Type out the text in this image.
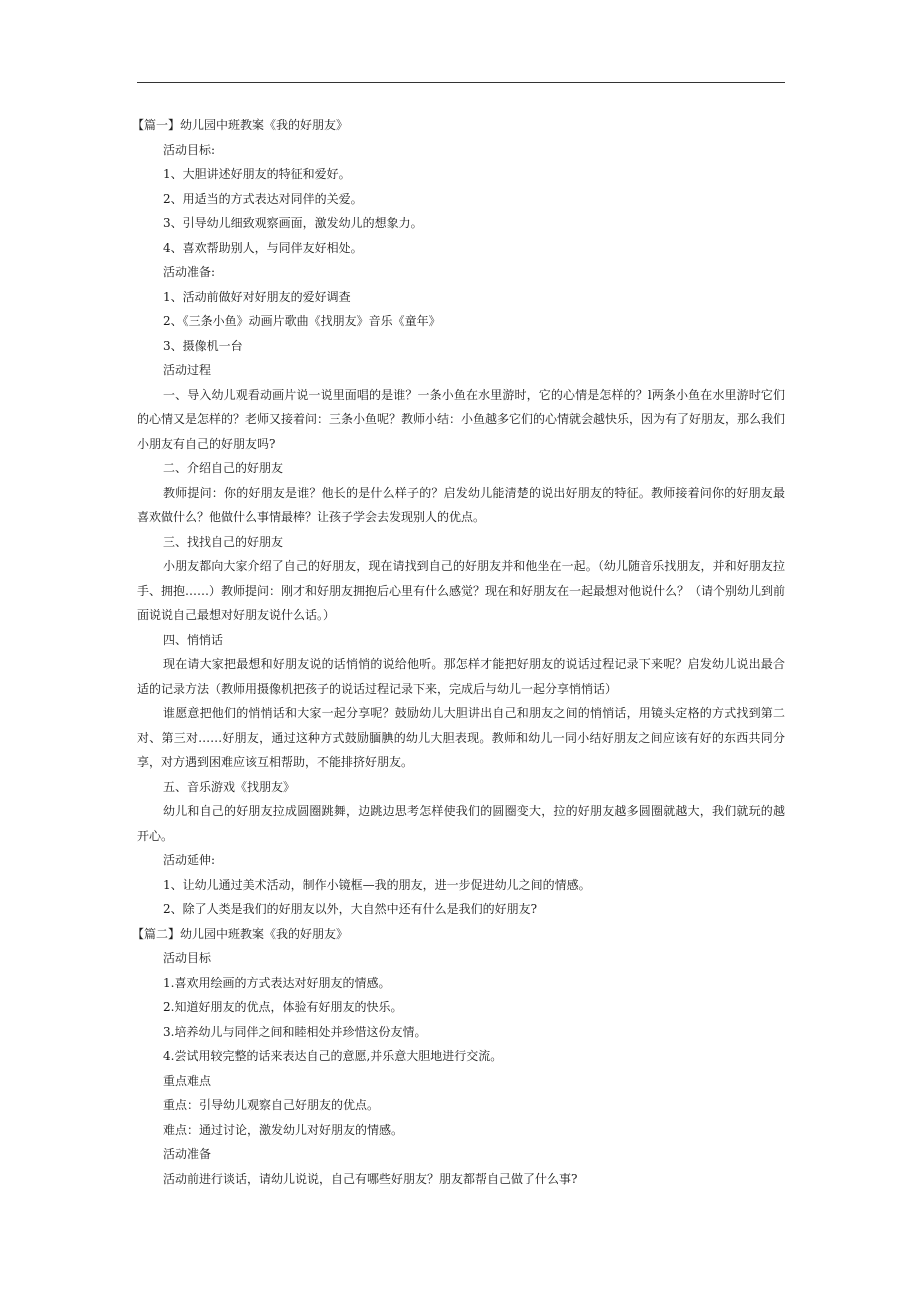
【篇一】幼儿园中班教案《我的好朋友》
活动目标:
1、大胆讲述好朋友的特征和爱好。
2、用适当的方式表达对同伴的关爱。
3、引导幼儿细致观察画面，激发幼儿的想象力。
4、喜欢帮助别人，与同伴友好相处。
活动准备:
1、活动前做好对好朋友的爱好调查
2、《三条小鱼》动画片歌曲《找朋友》音乐《童年》
3、摄像机一台
活动过程
一、导入幼儿观看动画片说一说里面唱的是谁？一条小鱼在水里游时，它的心情是怎样的？l两条小鱼在水里游时它们的心情又是怎样的？老师又接着问：三条小鱼呢？教师小结：小鱼越多它们的心情就会越快乐，因为有了好朋友，那么我们小朋友有自己的好朋友吗?
二、介绍自己的好朋友
教师提问：你的好朋友是谁？他长的是什么样子的？启发幼儿能清楚的说出好朋友的特征。教师接着问你的好朋友最喜欢做什么？他做什么事情最棒？让孩子学会去发现别人的优点。
三、找找自己的好朋友
小朋友都向大家介绍了自己的好朋友，现在请找到自己的好朋友并和他坐在一起。（幼儿随音乐找朋友，并和好朋友拉手、拥抱……）教师提问：刚才和好朋友拥抱后心里有什么感觉？现在和好朋友在一起最想对他说什么？（请个别幼儿到前面说说自己最想对好朋友说什么话。）
四、悄悄话
现在请大家把最想和好朋友说的话悄悄的说给他听。那怎样才能把好朋友的说话过程记录下来呢？启发幼儿说出最合适的记录方法（教师用摄像机把孩子的说话过程记录下来，完成后与幼儿一起分享悄悄话）
谁愿意把他们的悄悄话和大家一起分享呢？鼓励幼儿大胆讲出自己和朋友之间的悄悄话，用镜头定格的方式找到第二对、第三对……好朋友，通过这种方式鼓励腼腆的幼儿大胆表现。教师和幼儿一同小结好朋友之间应该有好的东西共同分享，对方遇到困难应该互相帮助，不能排挤好朋友。
五、音乐游戏《找朋友》
幼儿和自己的好朋友拉成圆圈跳舞，边跳边思考怎样使我们的圆圈变大，拉的好朋友越多圆圈就越大，我们就玩的越开心。
活动延伸:
1、让幼儿通过美术活动，制作小镜框—我的朋友，进一步促进幼儿之间的情感。
2、除了人类是我们的好朋友以外，大自然中还有什么是我们的好朋友?
【篇二】幼儿园中班教案《我的好朋友》
活动目标
1.喜欢用绘画的方式表达对好朋友的情感。
2.知道好朋友的优点，体验有好朋友的快乐。
3.培养幼儿与同伴之间和睦相处并珍惜这份友情。
4.尝试用较完整的话来表达自己的意愿,并乐意大胆地进行交流。
重点难点
重点：引导幼儿观察自己好朋友的优点。
难点：通过讨论，激发幼儿对好朋友的情感。
活动准备
活动前进行谈话，请幼儿说说，自己有哪些好朋友？朋友都帮自己做了什么事?
